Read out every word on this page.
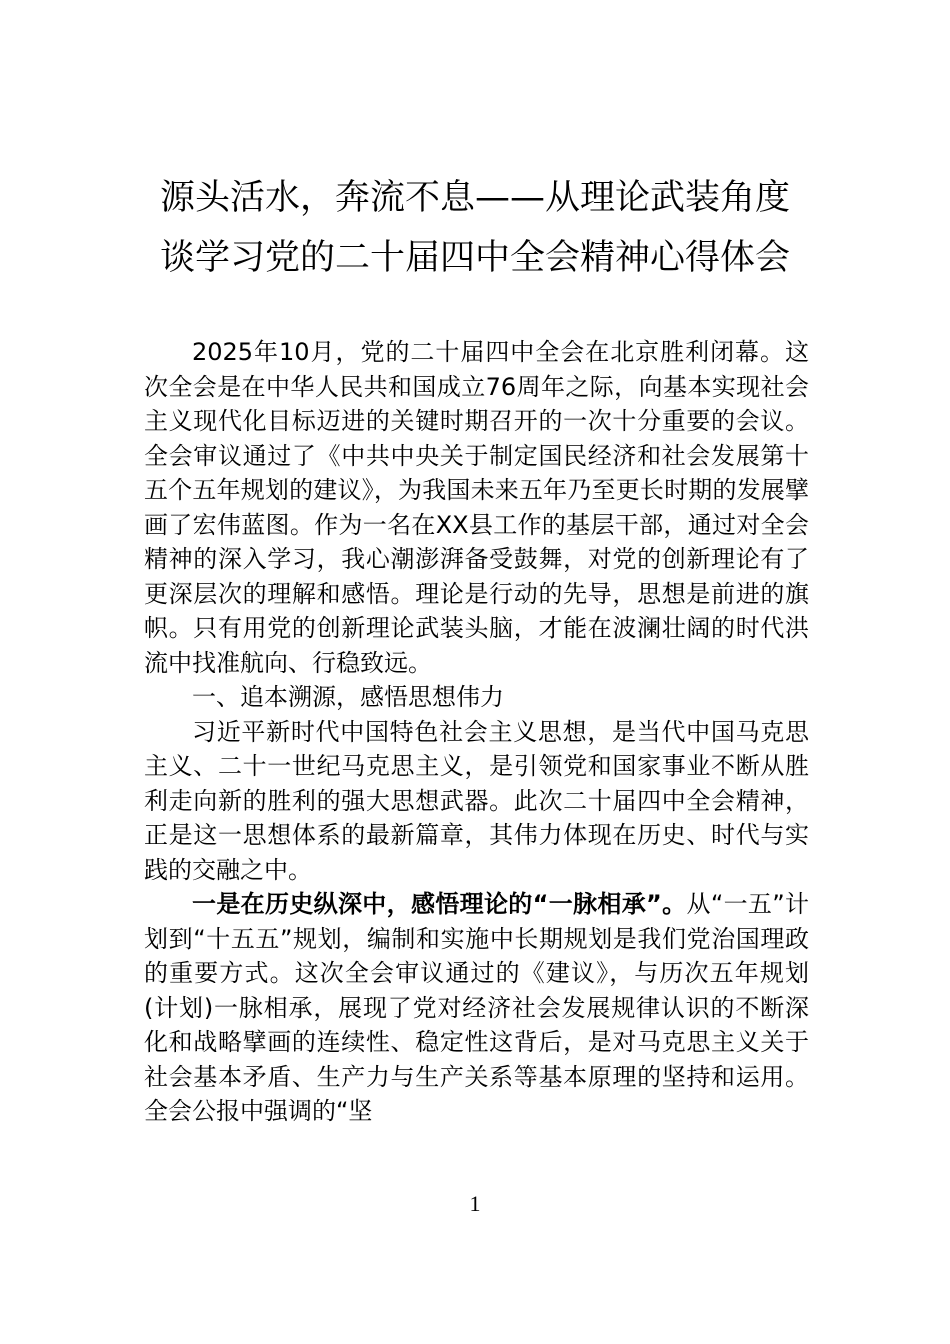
源头活水，奔流不息——从理论武装角度
谈学习党的二十届四中全会精神心得体会

2025年10月，党的二十届四中全会在北京胜利闭幕。这次全会是在中华人民共和国成立76周年之际，向基本实现社会主义现代化目标迈进的关键时期召开的一次十分重要的会议。全会审议通过了《中共中央关于制定国民经济和社会发展第十五个五年规划的建议》，为我国未来五年乃至更长时期的发展擘画了宏伟蓝图。作为一名在XX县工作的基层干部，通过对全会精神的深入学习，我心潮澎湃备受鼓舞，对党的创新理论有了更深层次的理解和感悟。理论是行动的先导，思想是前进的旗帜。只有用党的创新理论武装头脑，才能在波澜壮阔的时代洪流中找准航向、行稳致远。

一、追本溯源，感悟思想伟力

习近平新时代中国特色社会主义思想，是当代中国马克思主义、二十一世纪马克思主义，是引领党和国家事业不断从胜利走向新的胜利的强大思想武器。此次二十届四中全会精神，正是这一思想体系的最新篇章，其伟力体现在历史、时代与实践的交融之中。

一是在历史纵深中，感悟理论的“一脉相承”。从“一五”计划到“十五五”规划，编制和实施中长期规划是我们党治国理政的重要方式。这次全会审议通过的《建议》，与历次五年规划(计划)一脉相承，展现了党对经济社会发展规律认识的不断深化和战略擘画的连续性、稳定性这背后，是对马克思主义关于社会基本矛盾、生产力与生产关系等基本原理的坚持和运用。全会公报中强调的“坚

1
